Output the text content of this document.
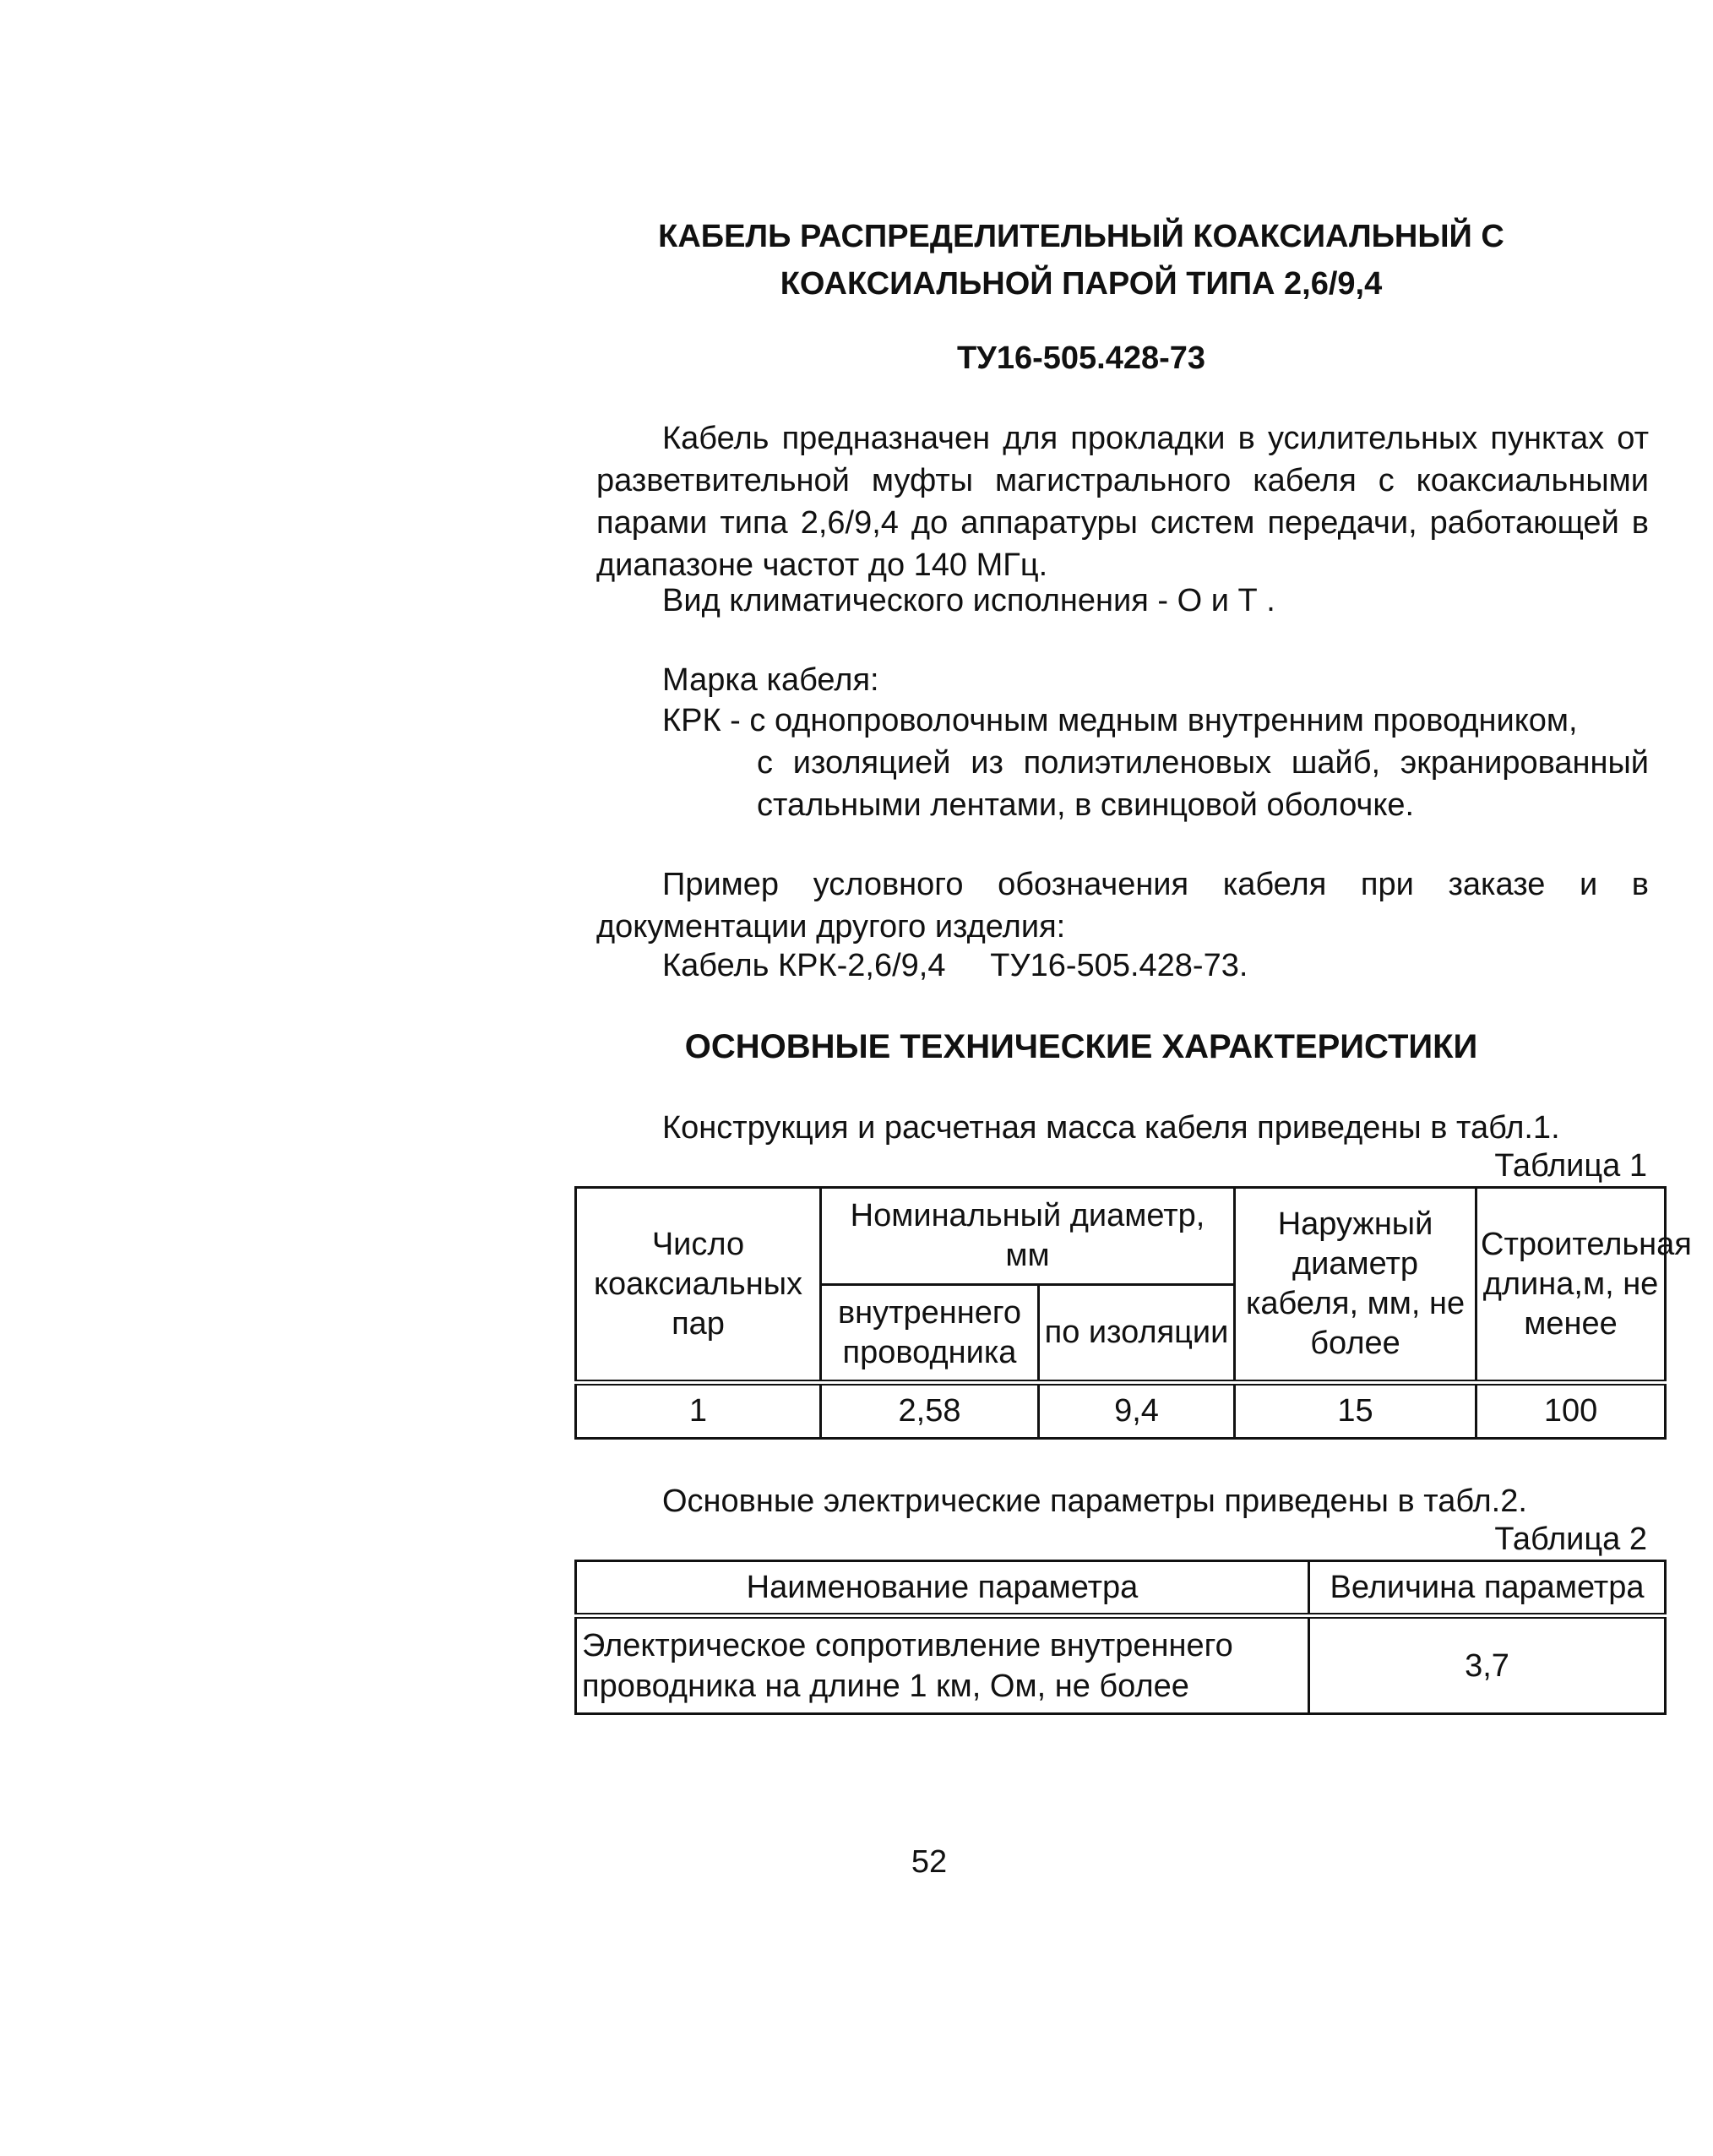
КАБЕЛЬ РАСПРЕДЕЛИТЕЛЬНЫЙ КОАКСИАЛЬНЫЙ С
КОАКСИАЛЬНОЙ ПАРОЙ ТИПА 2,6/9,4
ТУ16-505.428-73
Кабель предназначен для прокладки в усилительных пунктах от разветвительной муфты магистрального кабеля с коаксиальными парами типа 2,6/9,4 до аппаратуры систем передачи, работающей в диапазоне частот до 140 МГц.
Вид климатического исполнения - О и Т .
Марка кабеля:
КРК - с однопроволочным медным внутренним проводником,
с изоляцией из полиэтиленовых шайб, экранированный стальными лентами, в свинцовой оболочке.
Пример условного обозначения кабеля при заказе и в документации другого изделия:
Кабель КРК-2,6/9,4     ТУ16-505.428-73.
ОСНОВНЫЕ ТЕХНИЧЕСКИЕ ХАРАКТЕРИСТИКИ
Конструкция и расчетная масса кабеля приведены в табл.1.
Таблица 1
Число коаксиальных пар	Номинальный диаметр, мм		Наружный диаметр кабеля, мм, не более	Строительная длина,м, не менее
	внутреннего проводника	по изоляции		
1	2,58	9,4	15	100
Основные электрические параметры приведены в табл.2.
Таблица 2
Наименование параметра	Величина параметра
Электрическое сопротивление внутреннего проводника на длине 1 км, Ом, не более	3,7
52
